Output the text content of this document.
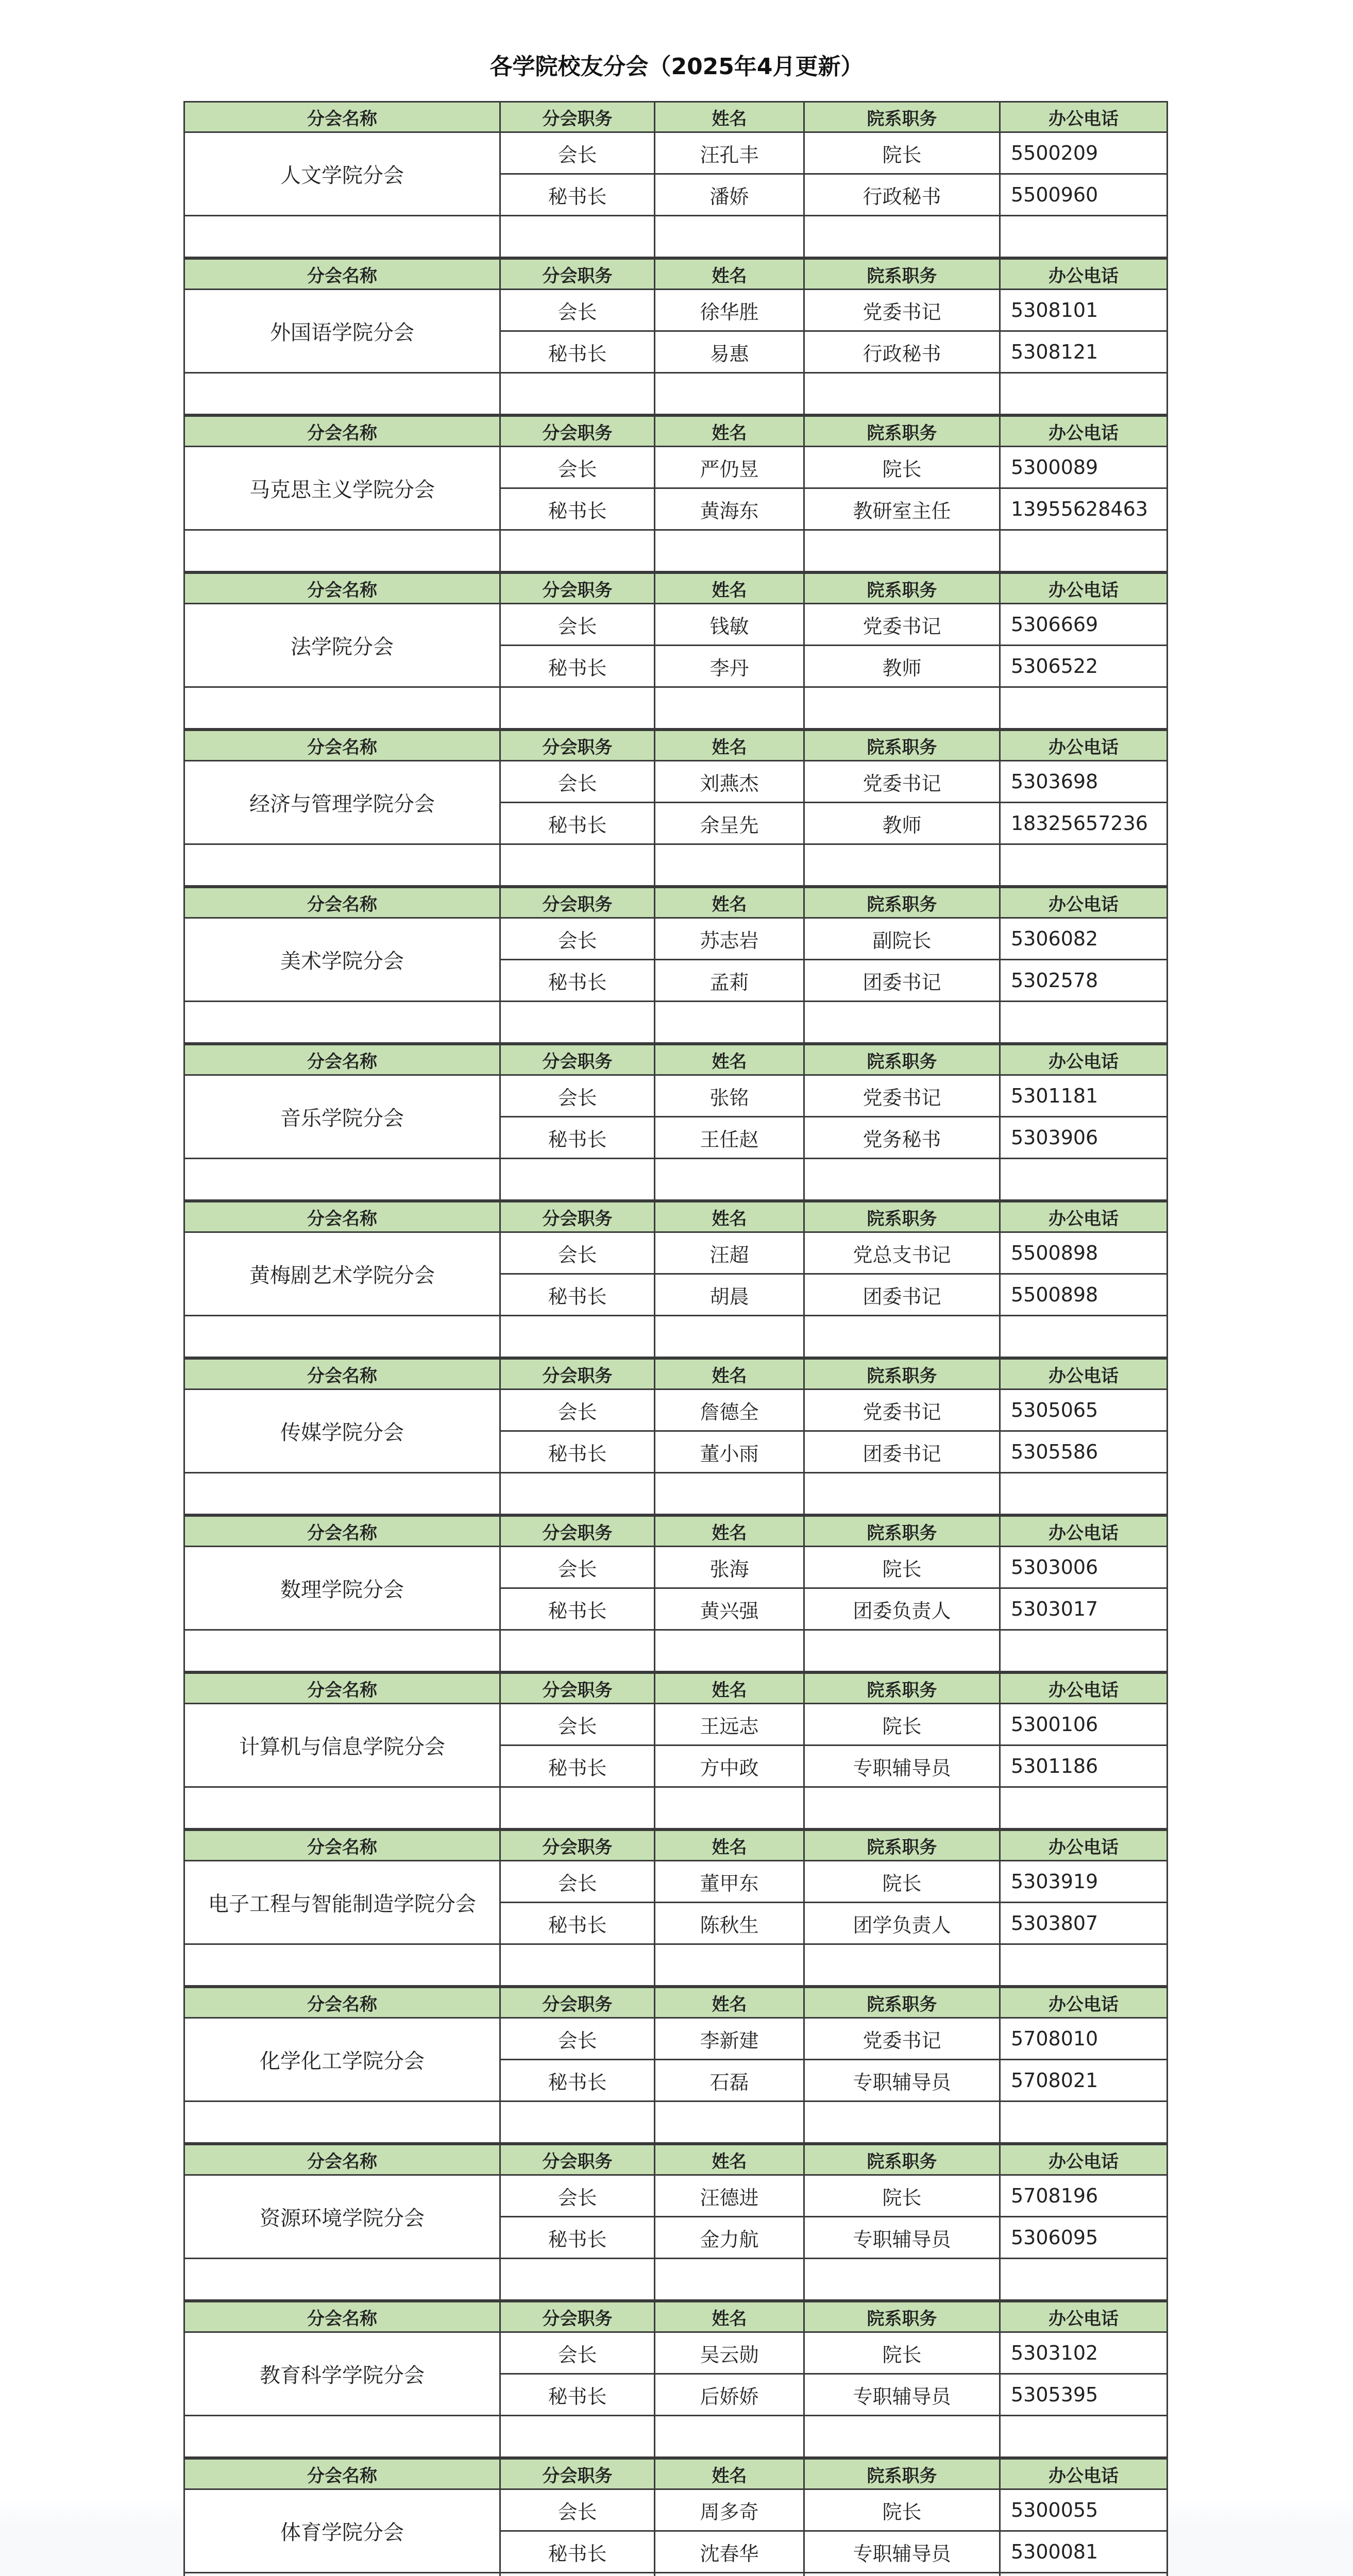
各学院校友分会（2025年4月更新）
分会名称	分会职务	姓名	院系职务	办公电话
人文学院分会	会长	汪孔丰	院长	5500209
	秘书长	潘娇	行政秘书	5500960

分会名称	分会职务	姓名	院系职务	办公电话
外国语学院分会	会长	徐华胜	党委书记	5308101
	秘书长	易惠	行政秘书	5308121

分会名称	分会职务	姓名	院系职务	办公电话
马克思主义学院分会	会长	严仍昱	院长	5300089
	秘书长	黄海东	教研室主任	13955628463

分会名称	分会职务	姓名	院系职务	办公电话
法学院分会	会长	钱敏	党委书记	5306669
	秘书长	李丹	教师	5306522

分会名称	分会职务	姓名	院系职务	办公电话
经济与管理学院分会	会长	刘燕杰	党委书记	5303698
	秘书长	余呈先	教师	18325657236

分会名称	分会职务	姓名	院系职务	办公电话
美术学院分会	会长	苏志岩	副院长	5306082
	秘书长	孟莉	团委书记	5302578

分会名称	分会职务	姓名	院系职务	办公电话
音乐学院分会	会长	张铭	党委书记	5301181
	秘书长	王任赵	党务秘书	5303906

分会名称	分会职务	姓名	院系职务	办公电话
黄梅剧艺术学院分会	会长	汪超	党总支书记	5500898
	秘书长	胡晨	团委书记	5500898

分会名称	分会职务	姓名	院系职务	办公电话
传媒学院分会	会长	詹德全	党委书记	5305065
	秘书长	董小雨	团委书记	5305586

分会名称	分会职务	姓名	院系职务	办公电话
数理学院分会	会长	张海	院长	5303006
	秘书长	黄兴强	团委负责人	5303017

分会名称	分会职务	姓名	院系职务	办公电话
计算机与信息学院分会	会长	王远志	院长	5300106
	秘书长	方中政	专职辅导员	5301186

分会名称	分会职务	姓名	院系职务	办公电话
电子工程与智能制造学院分会	会长	董甲东	院长	5303919
	秘书长	陈秋生	团学负责人	5303807

分会名称	分会职务	姓名	院系职务	办公电话
化学化工学院分会	会长	李新建	党委书记	5708010
	秘书长	石磊	专职辅导员	5708021

分会名称	分会职务	姓名	院系职务	办公电话
资源环境学院分会	会长	汪德进	院长	5708196
	秘书长	金力航	专职辅导员	5306095

分会名称	分会职务	姓名	院系职务	办公电话
教育科学学院分会	会长	吴云勋	院长	5303102
	秘书长	后娇娇	专职辅导员	5305395

分会名称	分会职务	姓名	院系职务	办公电话
体育学院分会	会长	周多奇	院长	5300055
	秘书长	沈春华	专职辅导员	5300081
